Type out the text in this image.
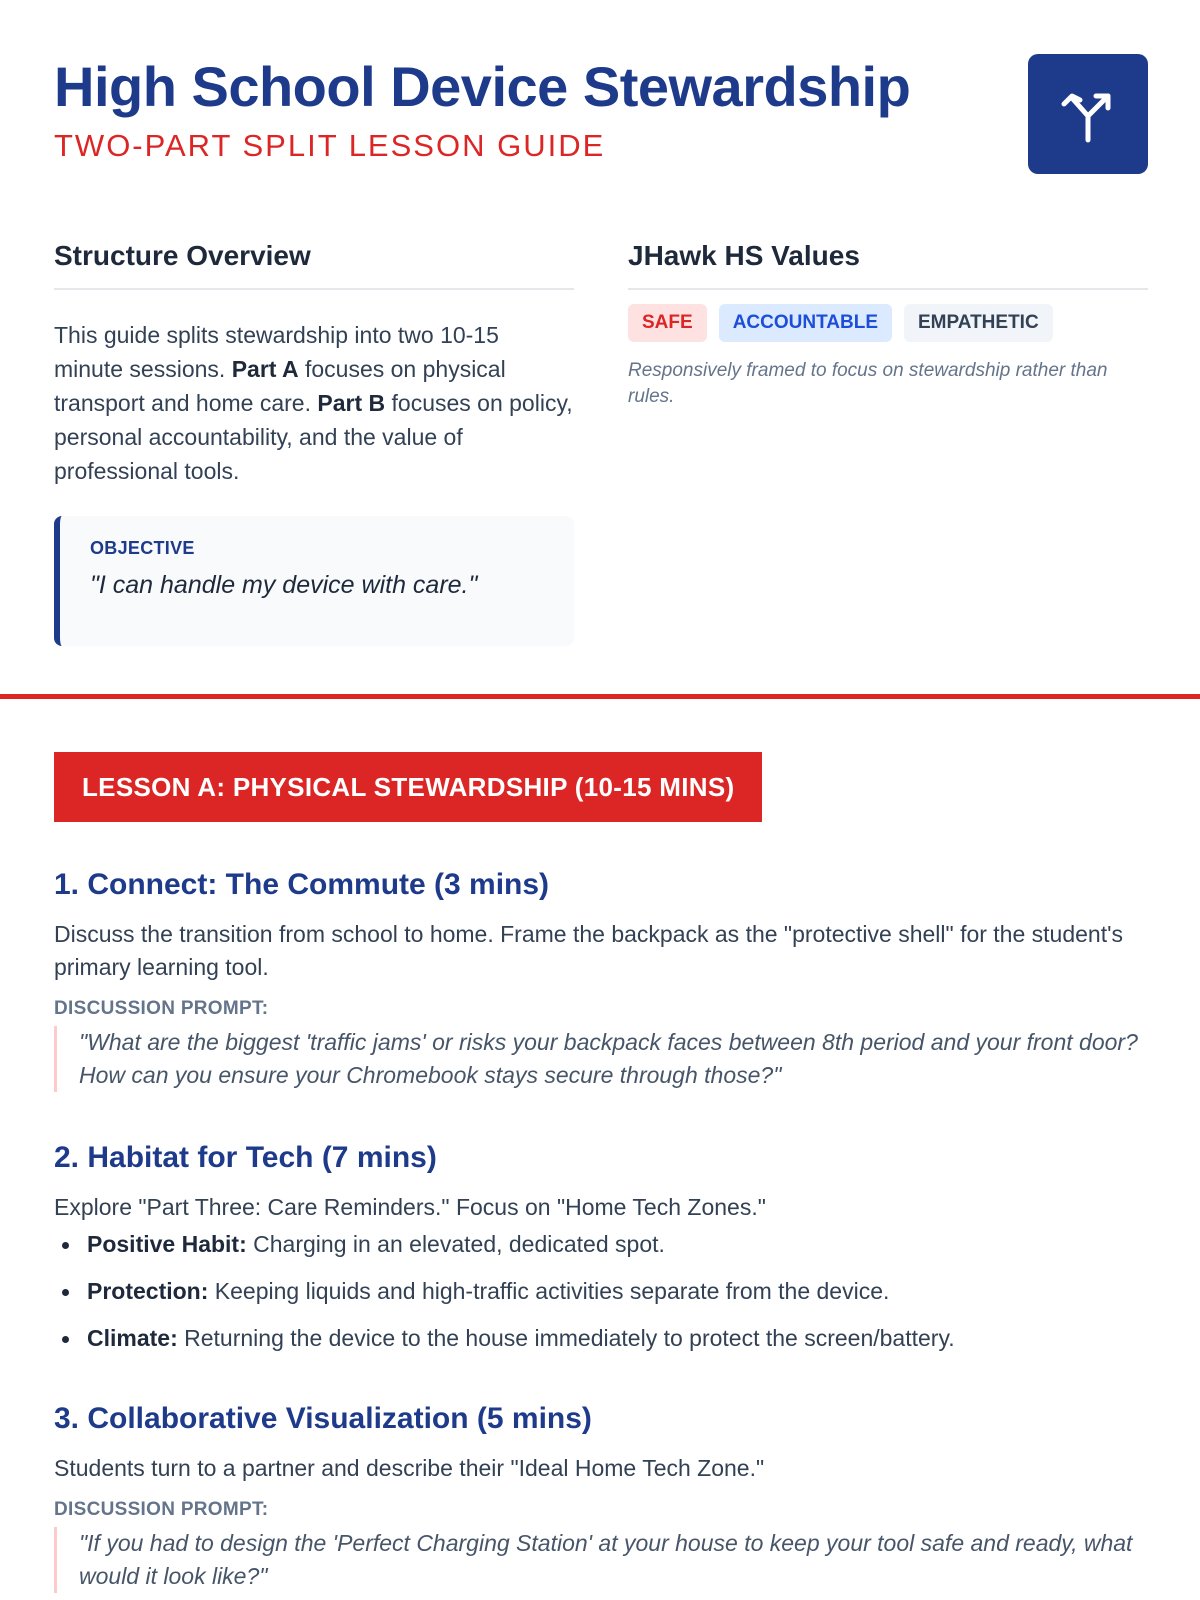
High School Device Stewardship
TWO-PART SPLIT LESSON GUIDE
Structure Overview

This guide splits stewardship into two 10-15 minute sessions. Part A focuses on physical transport and home care. Part B focuses on policy, personal accountability, and the value of professional tools.

OBJECTIVE
"I can handle my device with care."
JHawk HS Values
SAFE	ACCOUNTABLE	EMPATHETIC
Responsively framed to focus on stewardship rather than rules.
LESSON A: PHYSICAL STEWARDSHIP (10-15 MINS)
1. Connect: The Commute (3 mins)

Discuss the transition from school to home. Frame the backpack as the "protective shell" for the student's primary learning tool.

DISCUSSION PROMPT:
"What are the biggest 'traffic jams' or risks your backpack faces between 8th period and your front door? How can you ensure your Chromebook stays secure through those?"
2. Habitat for Tech (7 mins)

Explore "Part Three: Care Reminders." Focus on "Home Tech Zones."

Positive Habit: Charging in an elevated, dedicated spot.
Protection: Keeping liquids and high-traffic activities separate from the device.
Climate: Returning the device to the house immediately to protect the screen/battery.
3. Collaborative Visualization (5 mins)

Students turn to a partner and describe their "Ideal Home Tech Zone."

DISCUSSION PROMPT:
"If you had to design the 'Perfect Charging Station' at your house to keep your tool safe and ready, what would it look like?"
